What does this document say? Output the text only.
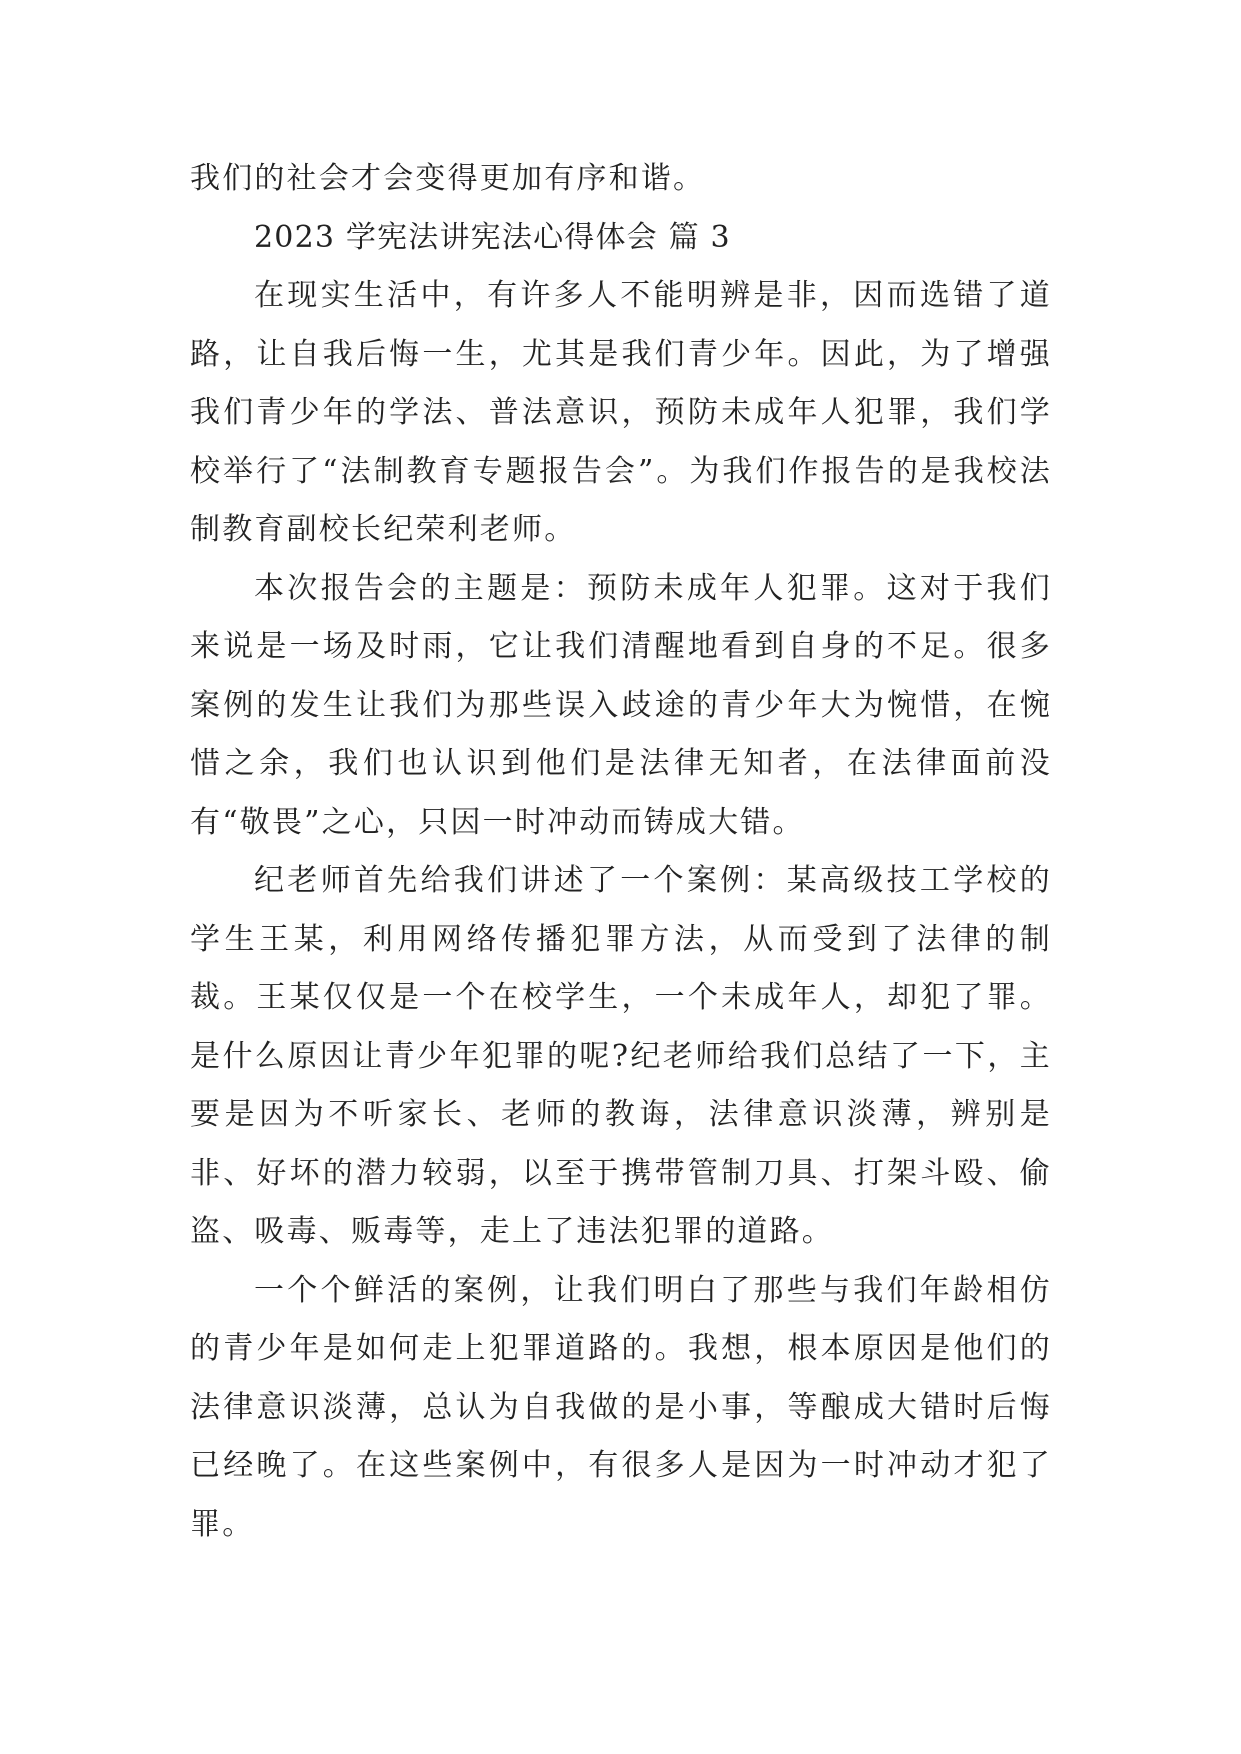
我们的社会才会变得更加有序和谐。

2023 学宪法讲宪法心得体会 篇 3

在现实生活中，有许多人不能明辨是非，因而选错了道路，让自我后悔一生，尤其是我们青少年。因此，为了增强我们青少年的学法、普法意识，预防未成年人犯罪，我们学校举行了“法制教育专题报告会”。为我们作报告的是我校法制教育副校长纪荣利老师。

本次报告会的主题是：预防未成年人犯罪。这对于我们来说是一场及时雨，它让我们清醒地看到自身的不足。很多案例的发生让我们为那些误入歧途的青少年大为惋惜，在惋惜之余，我们也认识到他们是法律无知者，在法律面前没有“敬畏”之心，只因一时冲动而铸成大错。

纪老师首先给我们讲述了一个案例：某高级技工学校的学生王某，利用网络传播犯罪方法，从而受到了法律的制裁。王某仅仅是一个在校学生，一个未成年人，却犯了罪。是什么原因让青少年犯罪的呢?纪老师给我们总结了一下，主要是因为不听家长、老师的教诲，法律意识淡薄，辨别是非、好坏的潜力较弱，以至于携带管制刀具、打架斗殴、偷盗、吸毒、贩毒等，走上了违法犯罪的道路。

一个个鲜活的案例，让我们明白了那些与我们年龄相仿的青少年是如何走上犯罪道路的。我想，根本原因是他们的法律意识淡薄，总认为自我做的是小事，等酿成大错时后悔已经晚了。在这些案例中，有很多人是因为一时冲动才犯了罪。
